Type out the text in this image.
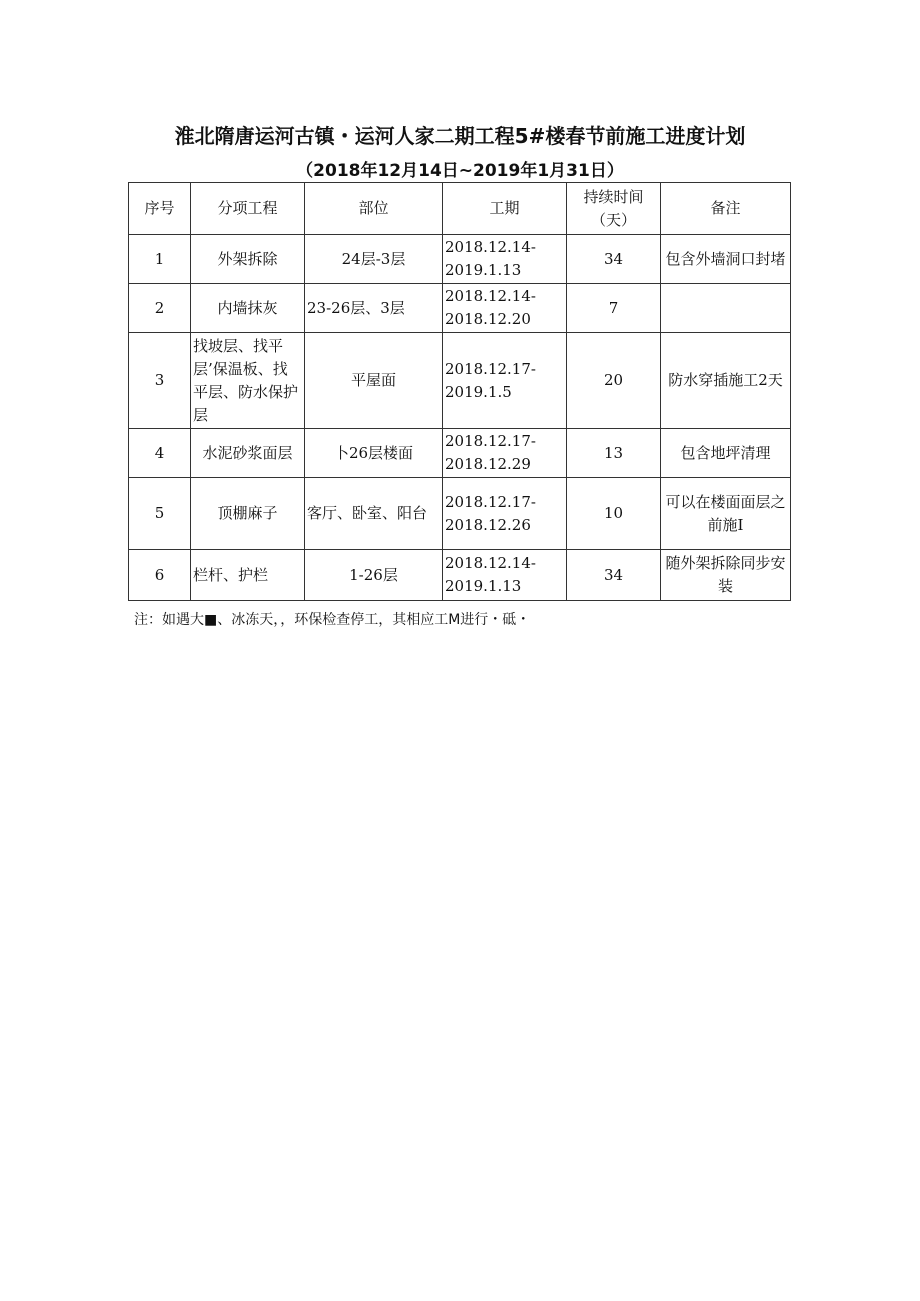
淮北隋唐运河古镇・运河人家二期工程5#楼春节前施工进度计划
（2018年12月14日~2019年1月31日）
序号	分项工程	部位	工期	持续时间（天）	备注
1	外架拆除	24层-3层	2018.12.14-2019.1.13	34	包含外墙洞口封堵
2	内墙抹灰	23-26层、3层	2018.12.14-2018.12.20	7	
3	找坡层、找平层’保温板、找平层、防水保护层	平屋面	2018.12.17-2019.1.5	20	防水穿插施工2天
4	水泥砂浆面层	卜26层楼面	2018.12.17-2018.12.29	13	包含地坪清理
5	顶棚麻子	客厅、卧室、阳台	2018.12.17-2018.12.26	10	可以在楼面面层之前施I
6	栏杆、护栏	1-26层	2018.12.14-2019.1.13	34	随外架拆除同步安装
注：如遇大■、冰冻天，，环保检查停工，其相应工M进行・砥・
